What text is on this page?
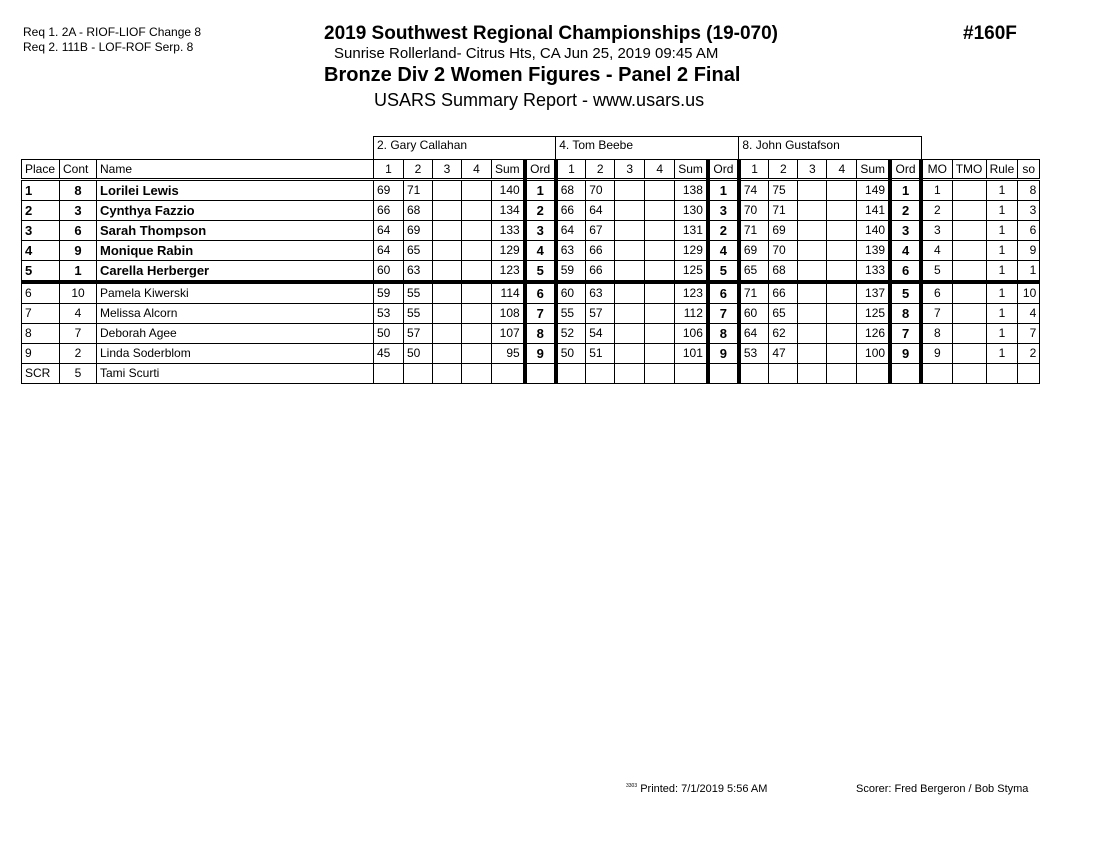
Req 1. 2A - RIOF-LIOF Change 8
Req 2. 111B - LOF-ROF Serp. 8
2019 Southwest Regional Championships (19-070)
Sunrise Rollerland- Citrus Hts, CA Jun 25, 2019 09:45 AM
Bronze Div 2 Women Figures - Panel 2 Final
USARS Summary Report - www.usars.us
#160F
			2. Gary Callahan						4. Tom Beebe						8. John Gustafson									
Place	Cont	Name	1	2	3	4	Sum	Ord	1	2	3	4	Sum	Ord	1	2	3	4	Sum	Ord	MO	TMO	Rule	so
1	8	Lorilei Lewis	69	71			140	1	68	70			138	1	74	75			149	1	1		1	8
2	3	Cynthya Fazzio	66	68			134	2	66	64			130	3	70	71			141	2	2		1	3
3	6	Sarah Thompson	64	69			133	3	64	67			131	2	71	69			140	3	3		1	6
4	9	Monique Rabin	64	65			129	4	63	66			129	4	69	70			139	4	4		1	9
5	1	Carella Herberger	60	63			123	5	59	66			125	5	65	68			133	6	5		1	1
6	10	Pamela Kiwerski	59	55			114	6	60	63			123	6	71	66			137	5	6		1	10
7	4	Melissa Alcorn	53	55			108	7	55	57			112	7	60	65			125	8	7		1	4
8	7	Deborah Agee	50	57			107	8	52	54			106	8	64	62			126	7	8		1	7
9	2	Linda Soderblom	45	50			95	9	50	51			101	9	53	47			100	9	9		1	2
SCR	5	Tami Scurti																						
$^{3303}$ Printed: 7/1/2019 5:56 AM	Scorer: Fred Bergeron / Bob Styma
